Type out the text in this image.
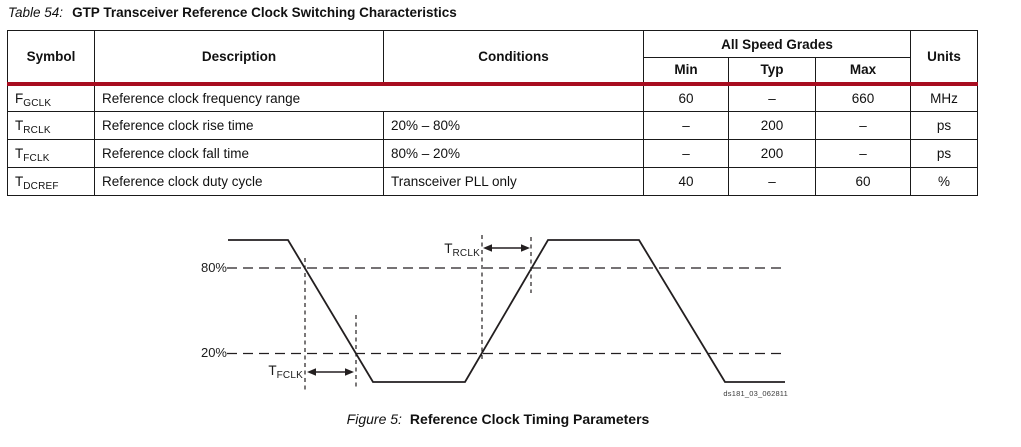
Table 54: GTP Transceiver Reference Clock Switching Characteristics
Symbol	Description	Conditions	All Speed Grades			Units
			Min	Typ	Max	
$F_{GCLK}$	Reference clock frequency range		60	–	660	MHz
$T_{RCLK}$	Reference clock rise time	20% – 80%	–	200	–	ps
$T_{FCLK}$	Reference clock fall time	80% – 20%	–	200	–	ps
$T_{DCREF}$	Reference clock duty cycle	Transceiver PLL only	40	–	60	%
80%
20%
$T_{RCLK}$
$T_{FCLK}$
ds181_03_062811
Figure 5: Reference Clock Timing Parameters
